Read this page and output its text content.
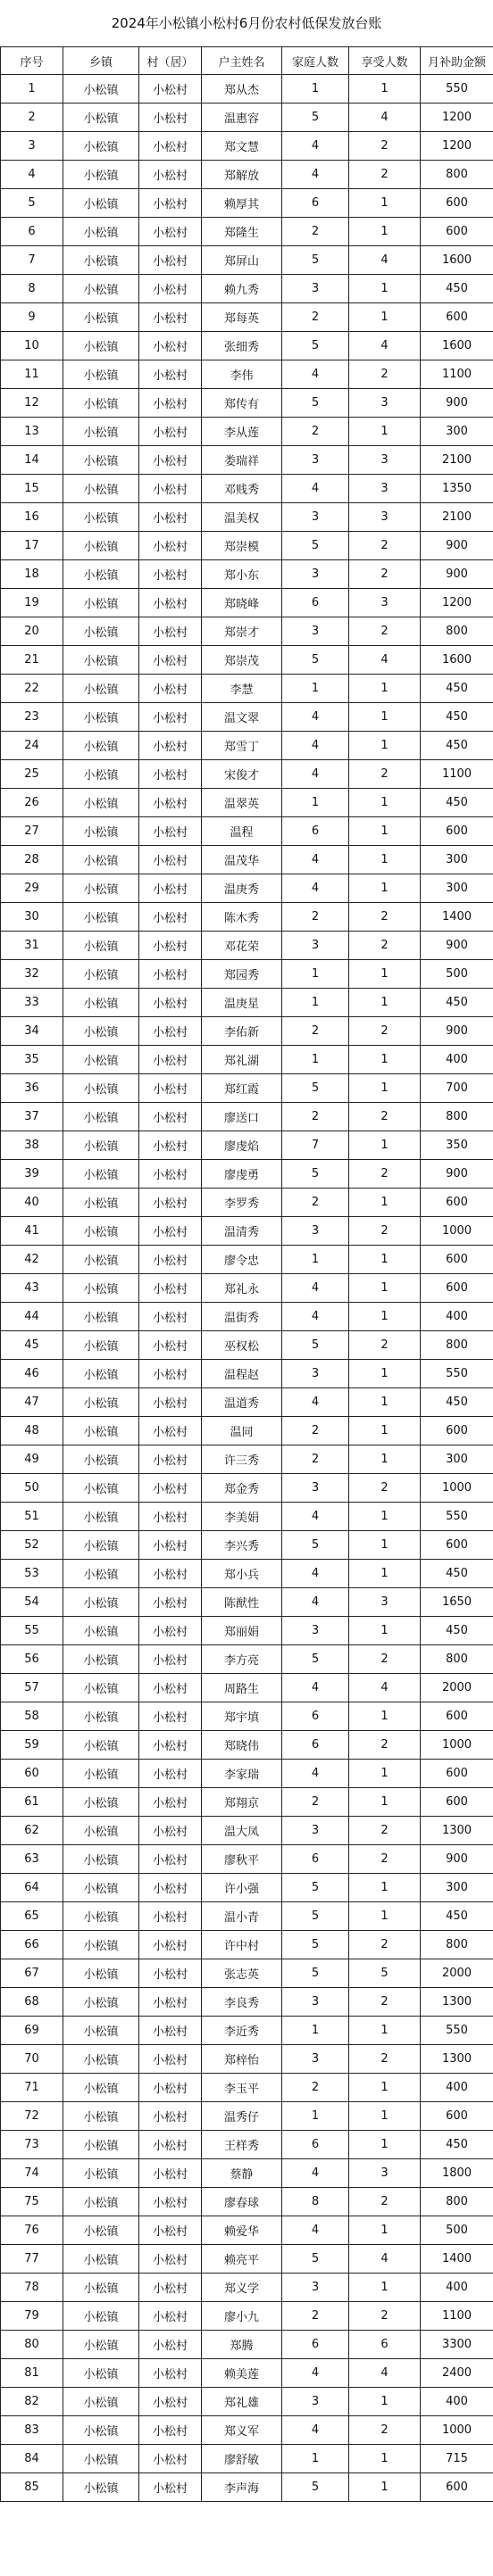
2024年小松镇小松村6月份农村低保发放台账
序号	乡镇	村（居）	户主姓名	家庭人数	享受人数	月补助金额
1	小松镇	小松村	郑从杰	1	1	550
2	小松镇	小松村	温惠容	5	4	1200
3	小松镇	小松村	郑文慧	4	2	1200
4	小松镇	小松村	郑解放	4	2	800
5	小松镇	小松村	赖厚其	6	1	600
6	小松镇	小松村	郑隆生	2	1	600
7	小松镇	小松村	郑屏山	5	4	1600
8	小松镇	小松村	赖九秀	3	1	450
9	小松镇	小松村	郑每英	2	1	600
10	小松镇	小松村	张细秀	5	4	1600
11	小松镇	小松村	李伟	4	2	1100
12	小松镇	小松村	郑传有	5	3	900
13	小松镇	小松村	李从莲	2	1	300
14	小松镇	小松村	娄瑞祥	3	3	2100
15	小松镇	小松村	邓贱秀	4	3	1350
16	小松镇	小松村	温美权	3	3	2100
17	小松镇	小松村	郑崇模	5	2	900
18	小松镇	小松村	郑小东	3	2	900
19	小松镇	小松村	郑晓峰	6	3	1200
20	小松镇	小松村	郑崇才	3	2	800
21	小松镇	小松村	郑崇茂	5	4	1600
22	小松镇	小松村	李慧	1	1	450
23	小松镇	小松村	温文翠	4	1	450
24	小松镇	小松村	郑雪丁	4	1	450
25	小松镇	小松村	宋俊才	4	2	1100
26	小松镇	小松村	温翠英	1	1	450
27	小松镇	小松村	温程	6	1	600
28	小松镇	小松村	温茂华	4	1	300
29	小松镇	小松村	温庚秀	4	1	300
30	小松镇	小松村	陈木秀	2	2	1400
31	小松镇	小松村	邓花荣	3	2	900
32	小松镇	小松村	郑园秀	1	1	500
33	小松镇	小松村	温庚星	1	1	450
34	小松镇	小松村	李佑新	2	2	900
35	小松镇	小松村	郑礼湖	1	1	400
36	小松镇	小松村	郑红霞	5	1	700
37	小松镇	小松村	廖送口	2	2	800
38	小松镇	小松村	廖虔焰	7	1	350
39	小松镇	小松村	廖虔勇	5	2	900
40	小松镇	小松村	李罗秀	2	1	600
41	小松镇	小松村	温清秀	3	2	1000
42	小松镇	小松村	廖令忠	1	1	600
43	小松镇	小松村	郑礼永	4	1	600
44	小松镇	小松村	温街秀	4	1	400
45	小松镇	小松村	巫权松	5	2	800
46	小松镇	小松村	温程赵	3	1	550
47	小松镇	小松村	温道秀	4	1	450
48	小松镇	小松村	温同	2	1	600
49	小松镇	小松村	许三秀	2	1	300
50	小松镇	小松村	郑金秀	3	2	1000
51	小松镇	小松村	李美娟	4	1	550
52	小松镇	小松村	李兴秀	5	1	600
53	小松镇	小松村	郑小兵	4	1	450
54	小松镇	小松村	陈猷性	4	3	1650
55	小松镇	小松村	郑丽娟	3	1	450
56	小松镇	小松村	李方亮	5	2	800
57	小松镇	小松村	周路生	4	4	2000
58	小松镇	小松村	郑宇填	6	1	600
59	小松镇	小松村	郑晓伟	6	2	1000
60	小松镇	小松村	李家瑞	4	1	600
61	小松镇	小松村	郑翔京	2	1	600
62	小松镇	小松村	温大凤	3	2	1300
63	小松镇	小松村	廖秋平	6	2	900
64	小松镇	小松村	许小强	5	1	300
65	小松镇	小松村	温小青	5	1	450
66	小松镇	小松村	许中村	5	2	800
67	小松镇	小松村	张志英	5	5	2000
68	小松镇	小松村	李良秀	3	2	1300
69	小松镇	小松村	李近秀	1	1	550
70	小松镇	小松村	郑梓怡	3	2	1300
71	小松镇	小松村	李玉平	2	1	400
72	小松镇	小松村	温秀仔	1	1	600
73	小松镇	小松村	王样秀	6	1	450
74	小松镇	小松村	蔡静	4	3	1800
75	小松镇	小松村	廖春球	8	2	800
76	小松镇	小松村	赖爱华	4	1	500
77	小松镇	小松村	赖亮平	5	4	1400
78	小松镇	小松村	郑义学	3	1	400
79	小松镇	小松村	廖小九	2	2	1100
80	小松镇	小松村	郑腾	6	6	3300
81	小松镇	小松村	赖美莲	4	4	2400
82	小松镇	小松村	郑礼雄	3	1	400
83	小松镇	小松村	郑义军	4	2	1000
84	小松镇	小松村	廖舒敏	1	1	715
85	小松镇	小松村	李声海	5	1	600
